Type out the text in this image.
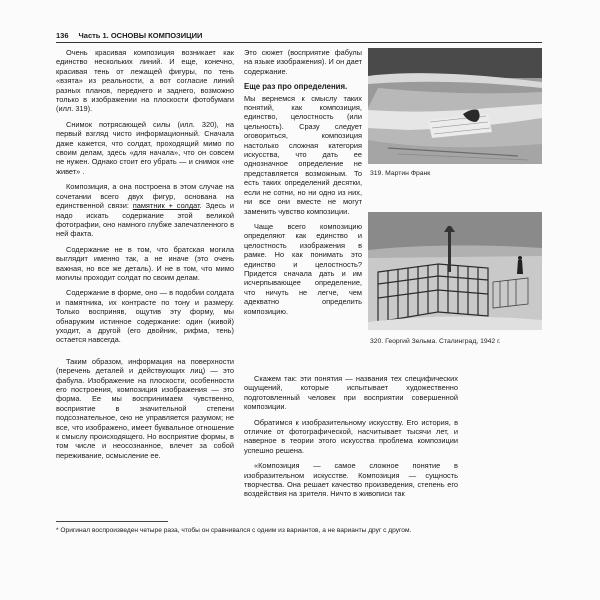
136 Часть 1. ОСНОВЫ КОМПОЗИЦИИ

Очень красивая композиция возникает как единство нескольких линий. И еще, конечно, красивая тень от лежащей фигуры, по тень «взята» из реальности, а вот согласие линий разных планов, переднего и заднего, возможно только в изображении на плоскости фотобумаги (илл. 319).

Снимок потрясающей силы (илл. 320), на первый взгляд чисто информационный. Сначала даже кажется, что солдат, проходящий мимо по своим делам, здесь «для начала», что он совсем не нужен. Однако стоит его убрать — и снимок «не живет» .

Композиция, а она построена в этом случае на сочетании всего двух фигур, основана на единственной связи: памятник + солдат. Здесь и надо искать содержание этой великой фотографии, оно намного глубже запечатленного в ней факта.

Содержание не в том, что братская могила выглядит именно так, а не иначе (это очень важная, но все же деталь). И не в том, что мимо могилы проходит солдат по своим делам.

Содержание в форме, оно — в подобии солдата и памятника, их контрасте по тону и размеру. Только восприняв, ощутив эту форму, мы обнаружим истинное содержание: один (живой) уходит, а другой (его двойник, рифма, тень) остается навсегда.

Таким образом, информация на поверхности (перечень деталей и действующих лиц) — это фабула. Изображение на плоскости, особенности его построения, композиция изображения — это форма. Ее мы воспринимаем чувственно, восприятие в значительной степени подсознательное, оно не управляется разумом; не все, что изображено, имеет буквальное отношение к смыслу происходящего. Но восприятие формы, в том числе и неосознанное, влечет за собой переживание, осмысление ее.

Это сюжет (восприятие фабулы на языке изображения). И он дает содержание.

Еще раз про определения.

Мы вернемся к смыслу таких понятий, как композиция, единство, целостность (или цельность). Сразу следует оговориться, композиция настолько сложная категория искусства, что дать ее однозначное определение не представляется возможным. То есть таких определений десятки, если не сотни, но ни одно из них, ни все они вместе не могут заменить чувство композиции.

Чаще всего композицию определяют как единство и целостность изображения в рамке. Но как понимать это единство и целостность? Придется сначала дать и им исчерпывающее определение, что ничуть не легче, чем адекватно определить композицию.

Скажем так: эти понятия — названия тех специфических ощущений, которые испытывает художественно подготовленный человек при восприятии совершенной композиции.

Обратимся к изобразительному искусству. Его история, в отличие от фотографической, насчитывает тысячи лет, и наверное в теории этого искусства проблема композиции успешно решена.

«Композиция — самое сложное понятие в изобразительном искусстве. Композиция — сущность творчества. Она решает качество произведения, степень его воздействия на зрителя. Ничто в живописи так

319. Мартин Франк
320. Георгий Зельма. Сталинград, 1942 г.
* Оригинал воспроизведен четыре раза, чтобы он сравнивался с одним из вариантов, а не варианты друг с другом.
